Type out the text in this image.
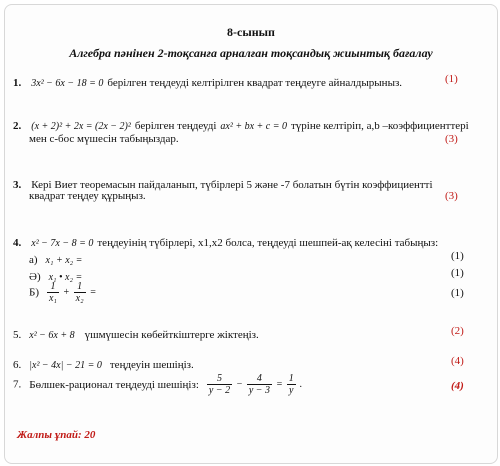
8-сынып
Алгебра пәнінен 2-тоқсанға арналған тоқсандық жиынтық бағалау
1. 3x² − 6x − 18 = 0 берілген теңдеуді келтірілген квадрат теңдеуге айналдырыныз.	(1)
2. (x + 2)² + 2x = (2x − 2)² берілген теңдеуді ax² + bx + c = 0 түріне келтіріп, a,b –коэффициенттері
мен с-бос мүшесін табыңыздар.	(3)
3. Кері Виет теоремасын пайдаланып, түбірлері 5 және -7 болатын бүтін коэффициентті
квадрат теңдеу құрыңыз.	(3)
4. x² − 7x − 8 = 0 теңдеуінің түбірлері, x1,x2 болса, теңдеуді шешпей-ақ келесіні табыңыз:
а) x₁ + x₂ =	(1)
Ә) x₁ • x₂ =	(1)
$Б) \frac{1}{\text{x₁}} + \frac{1}{\text{x₂}}$ =	(1)
5. x² − 6x + 8 үшмүшесін көбейткіштерге жіктеңіз.	(2)
6. |x² − 4x| − 21 = 0 теңдеуін шешіңіз.	(4)
7. Бөлшек-рационал теңдеуді шешіңіз: $\frac{5}{y - 2} - \frac{4}{y - 3} = \frac{1}{y}$ .	(4)
Жалпы ұпай: 20
